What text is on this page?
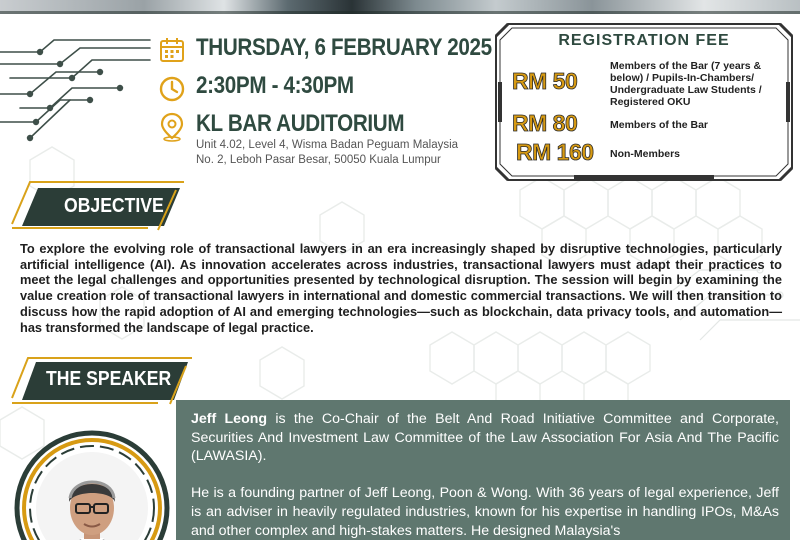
THURSDAY, 6 FEBRUARY 2025
2:30PM - 4:30PM
KL BAR AUDITORIUM
Unit 4.02, Level 4, Wisma Badan Peguam Malaysia
No. 2, Leboh Pasar Besar, 50050 Kuala Lumpur
REGISTRATION FEE
RM 50
Members of the Bar (7 years & below) / Pupils-In-Chambers/ Undergraduate Law Students / Registered OKU
RM 80	Members of the Bar
RM 160 Non-Members
OBJECTIVE
To explore the evolving role of transactional lawyers in an era increasingly shaped by disruptive technologies, particularly artificial intelligence (AI). As innovation accelerates across industries, transactional lawyers must adapt their practices to meet the legal challenges and opportunities presented by technological disruption. The session will begin by examining the value creation role of transactional lawyers in international and domestic commercial transactions. We will then transition to discuss how the rapid adoption of AI and emerging technologies—such as blockchain, data privacy tools, and automation—has transformed the landscape of legal practice.
THE SPEAKER

Jeff Leong is the Co-Chair of the Belt And Road Initiative Committee and Corporate, Securities And Investment Law Committee of the Law Association For Asia And The Pacific (LAWASIA).

He is a founding partner of Jeff Leong, Poon & Wong. With 36 years of legal experience, Jeff is an adviser in heavily regulated industries, known for his expertise in handling IPOs, M&As and other complex and high-stakes matters. He designed Malaysia's
